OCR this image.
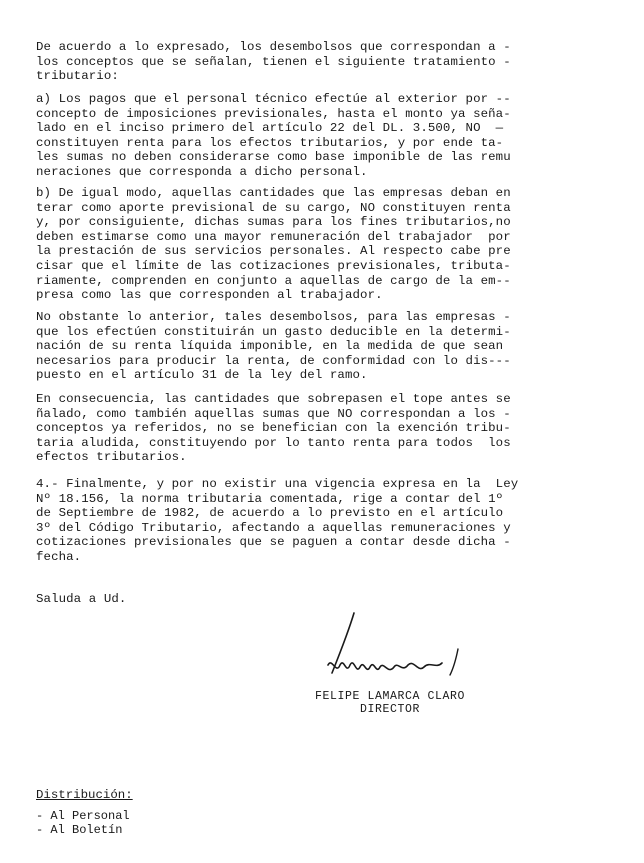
De acuerdo a lo expresado, los desembolsos que correspondan a -
los conceptos que se señalan, tienen el siguiente tratamiento -
tributario:
a) Los pagos que el personal técnico efectúe al exterior por --
concepto de imposiciones previsionales, hasta el monto ya seña-
lado en el inciso primero del artículo 22 del DL. 3.500, NO  —
constituyen renta para los efectos tributarios, y por ende ta-
les sumas no deben considerarse como base imponible de las remu
neraciones que corresponda a dicho personal.
b) De igual modo, aquellas cantidades que las empresas deban en
terar como aporte previsional de su cargo, NO constituyen renta
y, por consiguiente, dichas sumas para los fines tributarios,no
deben estimarse como una mayor remuneración del trabajador  por
la prestación de sus servicios personales. Al respecto cabe pre
cisar que el límite de las cotizaciones previsionales, tributa-
riamente, comprenden en conjunto a aquellas de cargo de la em--
presa como las que corresponden al trabajador.
No obstante lo anterior, tales desembolsos, para las empresas -
que los efectúen constituirán un gasto deducible en la determi-
nación de su renta líquida imponible, en la medida de que sean
necesarios para producir la renta, de conformidad con lo dis---
puesto en el artículo 31 de la ley del ramo.
En consecuencia, las cantidades que sobrepasen el tope antes se
ñalado, como también aquellas sumas que NO correspondan a los -
conceptos ya referidos, no se benefician con la exención tribu-
taria aludida, constituyendo por lo tanto renta para todos  los
efectos tributarios.
4.- Finalmente, y por no existir una vigencia expresa en la  Ley
Nº 18.156, la norma tributaria comentada, rige a contar del 1º
de Septiembre de 1982, de acuerdo a lo previsto en el artículo
3º del Código Tributario, afectando a aquellas remuneraciones y
cotizaciones previsionales que se paguen a contar desde dicha -
fecha.
Saluda a Ud.
FELIPE LAMARCA CLARO
DIRECTOR
Distribución:
- Al Personal
- Al Boletín
